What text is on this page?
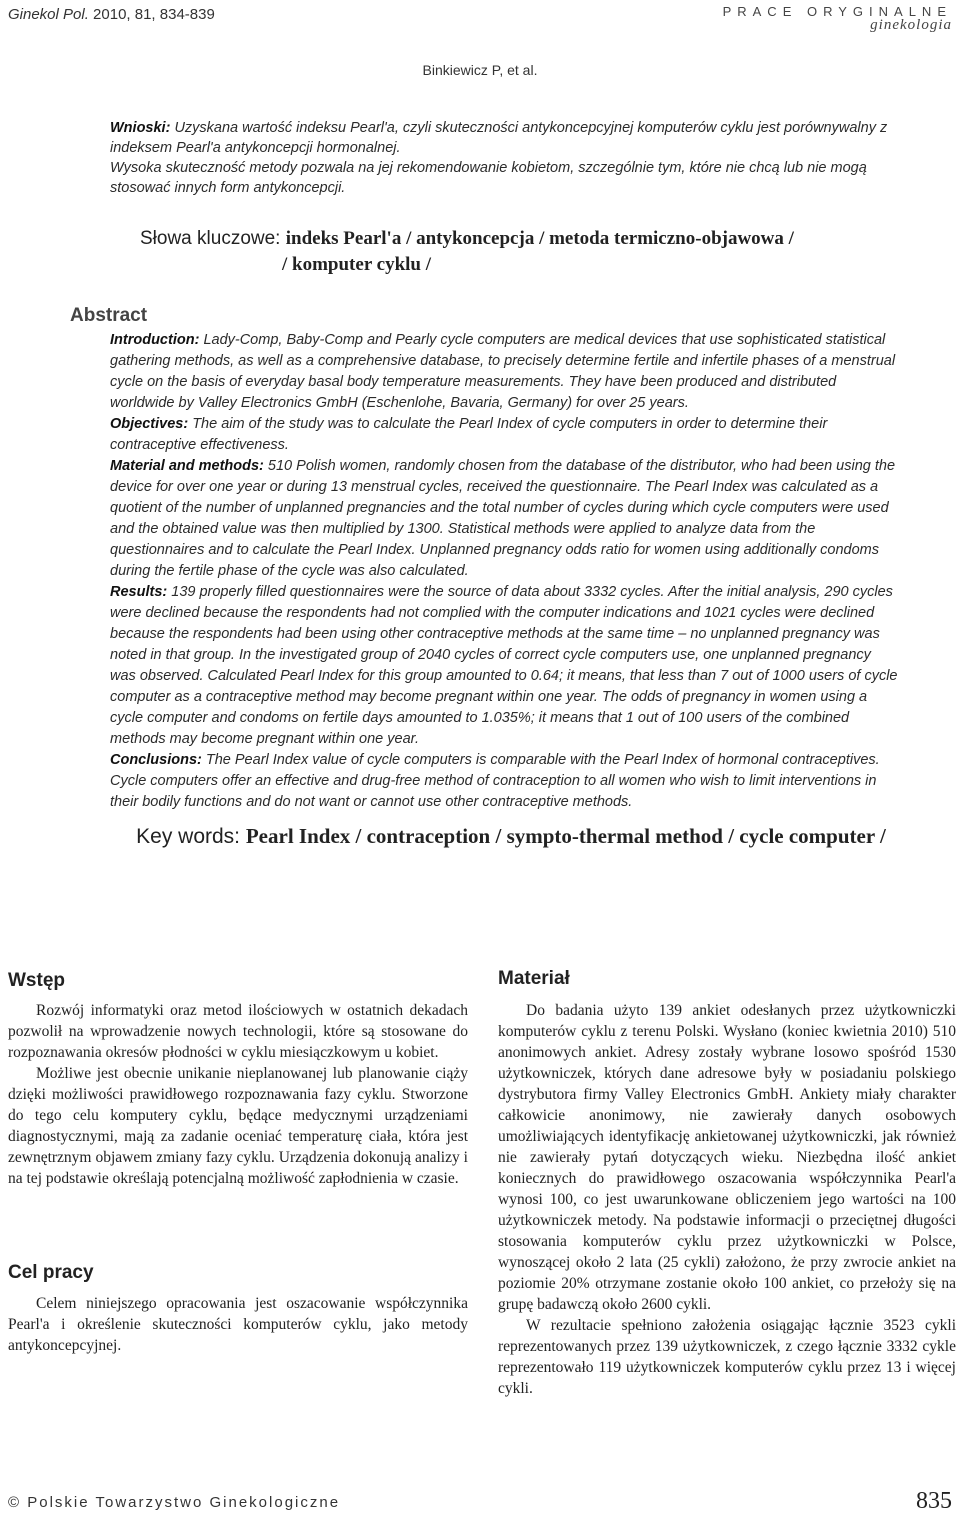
Ginekol Pol. 2010, 81, 834-839	PRACE ORYGINALNE
ginekologia
Binkiewicz P, et al.

Wnioski: Uzyskana wartość indeksu Pearl'a, czyli skuteczności antykoncepcyjnej komputerów cyklu jest porównywalny z indeksem Pearl'a antykoncepcji hormonalnej.

Wysoka skuteczność metody pozwala na jej rekomendowanie kobietom, szczególnie tym, które nie chcą lub nie mogą stosować innych form antykoncepcji.

Słowa kluczowe: indeks Pearl'a / antykoncepcja / metoda termiczno-objawowa /
/ komputer cyklu /
Abstract

Introduction: Lady-Comp, Baby-Comp and Pearly cycle computers are medical devices that use sophisticated statistical gathering methods, as well as a comprehensive database, to precisely determine fertile and infertile phases of a menstrual cycle on the basis of everyday basal body temperature measurements. They have been produced and distributed worldwide by Valley Electronics GmbH (Eschenlohe, Bavaria, Germany) for over 25 years.

Objectives: The aim of the study was to calculate the Pearl Index of cycle computers in order to determine their contraceptive effectiveness.

Material and methods: 510 Polish women, randomly chosen from the database of the distributor, who had been using the device for over one year or during 13 menstrual cycles, received the questionnaire. The Pearl Index was calculated as a quotient of the number of unplanned pregnancies and the total number of cycles during which cycle computers were used and the obtained value was then multiplied by 1300. Statistical methods were applied to analyze data from the questionnaires and to calculate the Pearl Index. Unplanned pregnancy odds ratio for women using additionally condoms during the fertile phase of the cycle was also calculated.

Results: 139 properly filled questionnaires were the source of data about 3332 cycles. After the initial analysis, 290 cycles were declined because the respondents had not complied with the computer indications and 1021 cycles were declined because the respondents had been using other contraceptive methods at the same time – no unplanned pregnancy was noted in that group. In the investigated group of 2040 cycles of correct cycle computers use, one unplanned pregnancy was observed. Calculated Pearl Index for this group amounted to 0.64; it means, that less than 7 out of 1000 users of cycle computer as a contraceptive method may become pregnant within one year. The odds of pregnancy in women using a cycle computer and condoms on fertile days amounted to 1.035%; it means that 1 out of 100 users of the combined methods may become pregnant within one year.

Conclusions: The Pearl Index value of cycle computers is comparable with the Pearl Index of hormonal contraceptives. Cycle computers offer an effective and drug-free method of contraception to all women who wish to limit interventions in their bodily functions and do not want or cannot use other contraceptive methods.

Key words: Pearl Index / contraception / sympto-thermal method / cycle computer /
Wstęp

Rozwój informatyki oraz metod ilościowych w ostatnich dekadach pozwolił na wprowadzenie nowych technologii, które są stosowane do rozpoznawania okresów płodności w cyklu miesiączkowym u kobiet.

Możliwe jest obecnie unikanie nieplanowanej lub planowanie ciąży dzięki możliwości prawidłowego rozpoznawania fazy cyklu. Stworzone do tego celu komputery cyklu, będące medycznymi urządzeniami diagnostycznymi, mają za zadanie oceniać temperaturę ciała, która jest zewnętrznym objawem zmiany fazy cyklu. Urządzenia dokonują analizy i na tej podstawie określają potencjalną możliwość zapłodnienia w czasie.

Cel pracy

Celem niniejszego opracowania jest oszacowanie współczynnika Pearl'a i określenie skuteczności komputerów cyklu, jako metody antykoncepcyjnej.

Materiał

Do badania użyto 139 ankiet odesłanych przez użytkowniczki komputerów cyklu z terenu Polski. Wysłano (koniec kwietnia 2010) 510 anonimowych ankiet. Adresy zostały wybrane losowo spośród 1530 użytkowniczek, których dane adresowe były w posiadaniu polskiego dystrybutora firmy Valley Electronics GmbH. Ankiety miały charakter całkowicie anonimowy, nie zawierały danych osobowych umożliwiających identyfikację ankietowanej użytkowniczki, jak również nie zawierały pytań dotyczących wieku. Niezbędna ilość ankiet koniecznych do prawidłowego oszacowania współczynnika Pearl'a wynosi 100, co jest uwarunkowane obliczeniem jego wartości na 100 użytkowniczek metody. Na podstawie informacji o przeciętnej długości stosowania komputerów cyklu przez użytkowniczki w Polsce, wynoszącej około 2 lata (25 cykli) założono, że przy zwrocie ankiet na poziomie 20% otrzymane zostanie około 100 ankiet, co przełoży się na grupę badawczą około 2600 cykli.

W rezultacie spełniono założenia osiągając łącznie 3523 cykli reprezentowanych przez 139 użytkowniczek, z czego łącznie 3332 cykle reprezentowało 119 użytkowniczek komputerów cyklu przez 13 i więcej cykli.

© Polskie Towarzystwo Ginekologiczne	835
